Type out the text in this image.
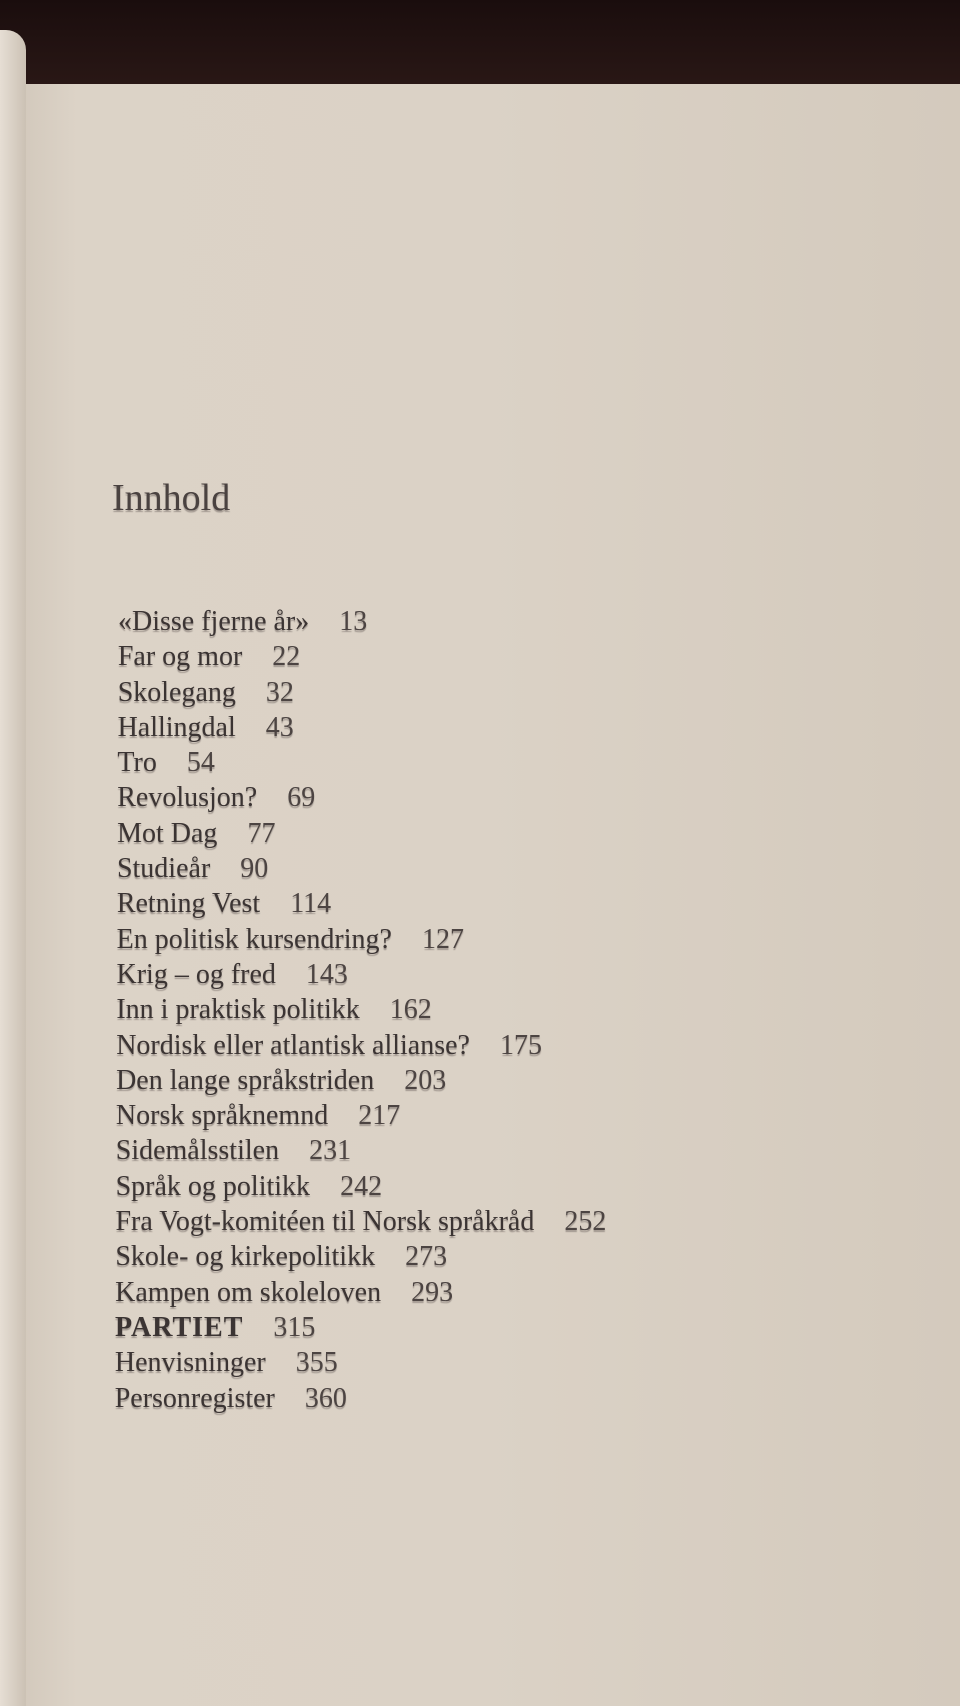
Innhold
«Disse fjerne år» 13
Far og mor 22
Skolegang 32
Hallingdal 43
Tro 54
Revolusjon? 69
Mot Dag 77
Studieår 90
Retning Vest 114
En politisk kursendring? 127
Krig – og fred 143
Inn i praktisk politikk 162
Nordisk eller atlantisk allianse? 175
Den lange språkstriden 203
Norsk språknemnd 217
Sidemålsstilen 231
Språk og politikk 242
Fra Vogt-komitéen til Norsk språkråd 252
Skole- og kirkepolitikk 273
Kampen om skoleloven 293
PARTIET 315
Henvisninger 355
Personregister 360
